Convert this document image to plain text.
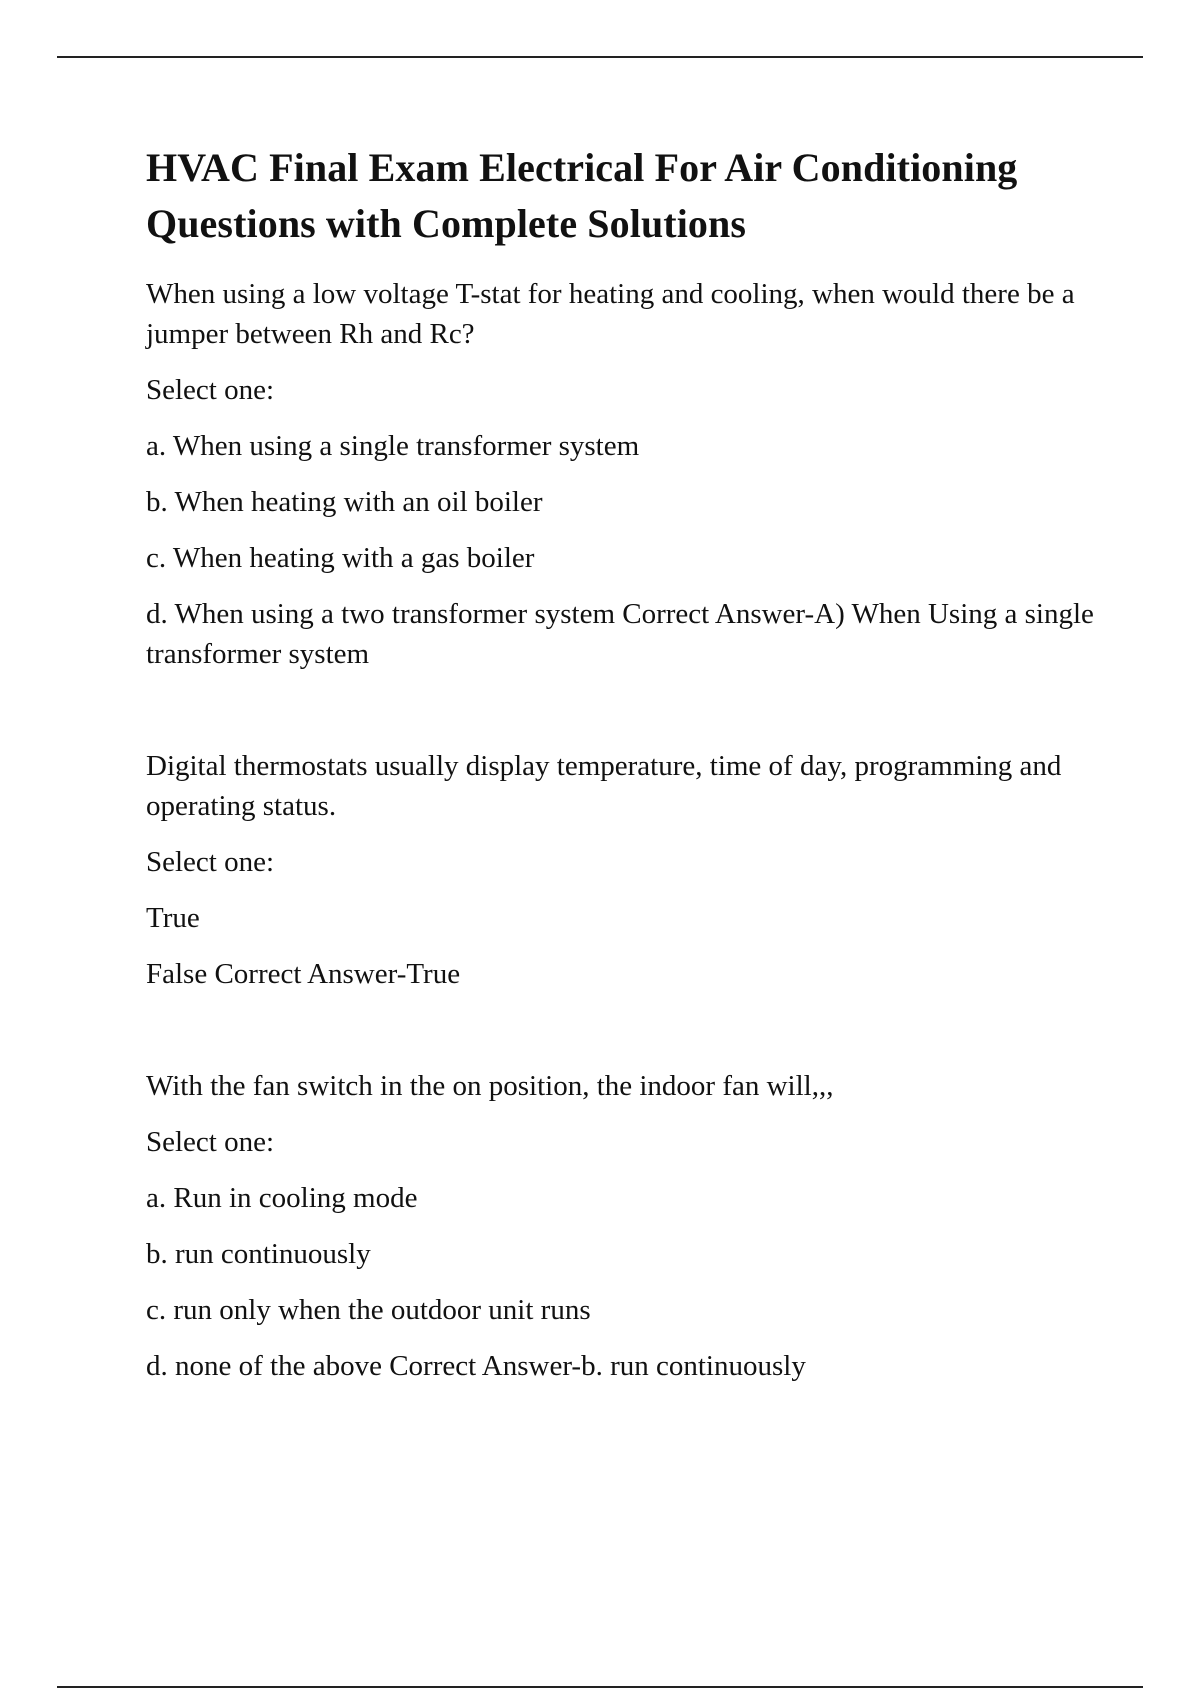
HVAC Final Exam Electrical For Air Conditioning Questions with Complete Solutions

When using a low voltage T-stat for heating and cooling, when would there be a jumper between Rh and Rc?

Select one:

a. When using a single transformer system

b. When heating with an oil boiler

c. When heating with a gas boiler

d. When using a two transformer system Correct Answer-A) When Using a single transformer system

Digital thermostats usually display temperature, time of day, programming and operating status.

Select one:

True

False Correct Answer-True

With the fan switch in the on position, the indoor fan will,,,

Select one:

a. Run in cooling mode

b. run continuously

c. run only when the outdoor unit runs

d. none of the above Correct Answer-b. run continuously
